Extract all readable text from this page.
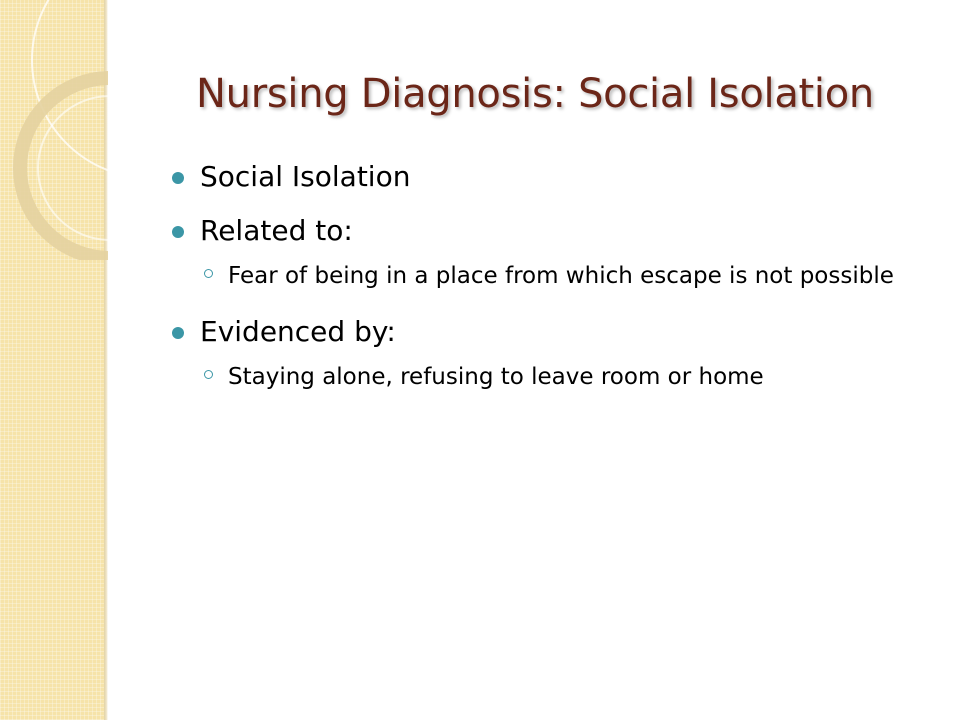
Nursing Diagnosis: Social Isolation
Social Isolation
Related to:
Fear of being in a place from which escape is not possible
Evidenced by:
Staying alone, refusing to leave room or home
